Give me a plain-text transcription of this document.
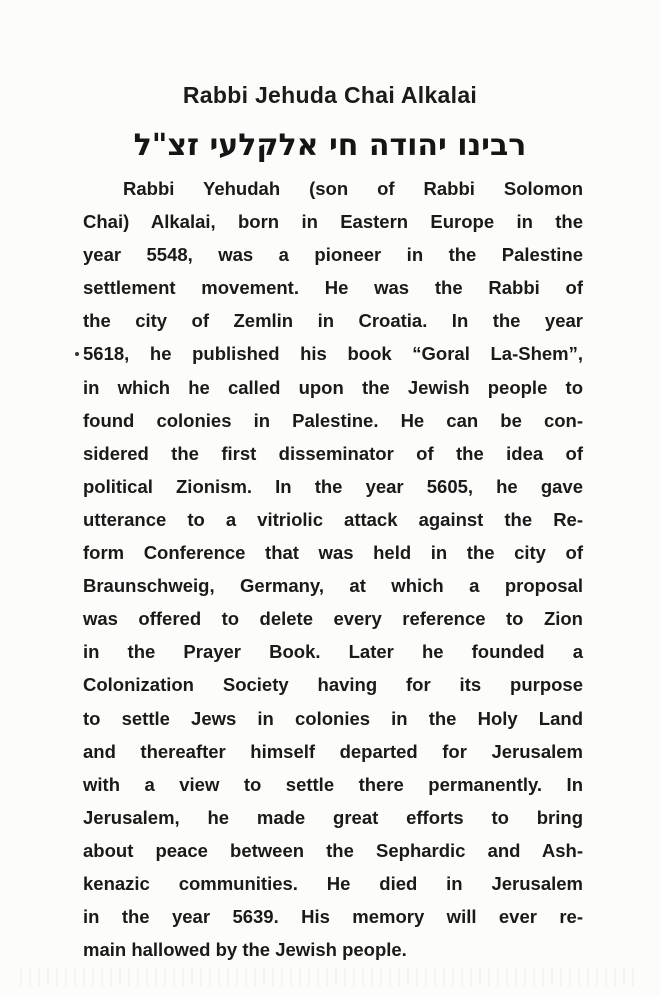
Rabbi Jehuda Chai Alkalai
רבינו יהודה חי אלקלעי זצ"ל
Rabbi Yehudah (son of Rabbi Solomon
Chai) Alkalai, born in Eastern Europe in the
year 5548, was a pioneer in the Palestine
settlement movement. He was the Rabbi of
the city of Zemlin in Croatia. In the year
5618, he published his book “Goral La-Shem”,
in which he called upon the Jewish people to
found colonies in Palestine. He can be con-
sidered the first disseminator of the idea of
political Zionism. In the year 5605, he gave
utterance to a vitriolic attack against the Re-
form Conference that was held in the city of
Braunschweig, Germany, at which a proposal
was offered to delete every reference to Zion
in the Prayer Book. Later he founded a
Colonization Society having for its purpose
to settle Jews in colonies in the Holy Land
and thereafter himself departed for Jerusalem
with a view to settle there permanently. In
Jerusalem, he made great efforts to bring
about peace between the Sephardic and Ash-
kenazic communities. He died in Jerusalem
in the year 5639. His memory will ever re-
main hallowed by the Jewish people.
